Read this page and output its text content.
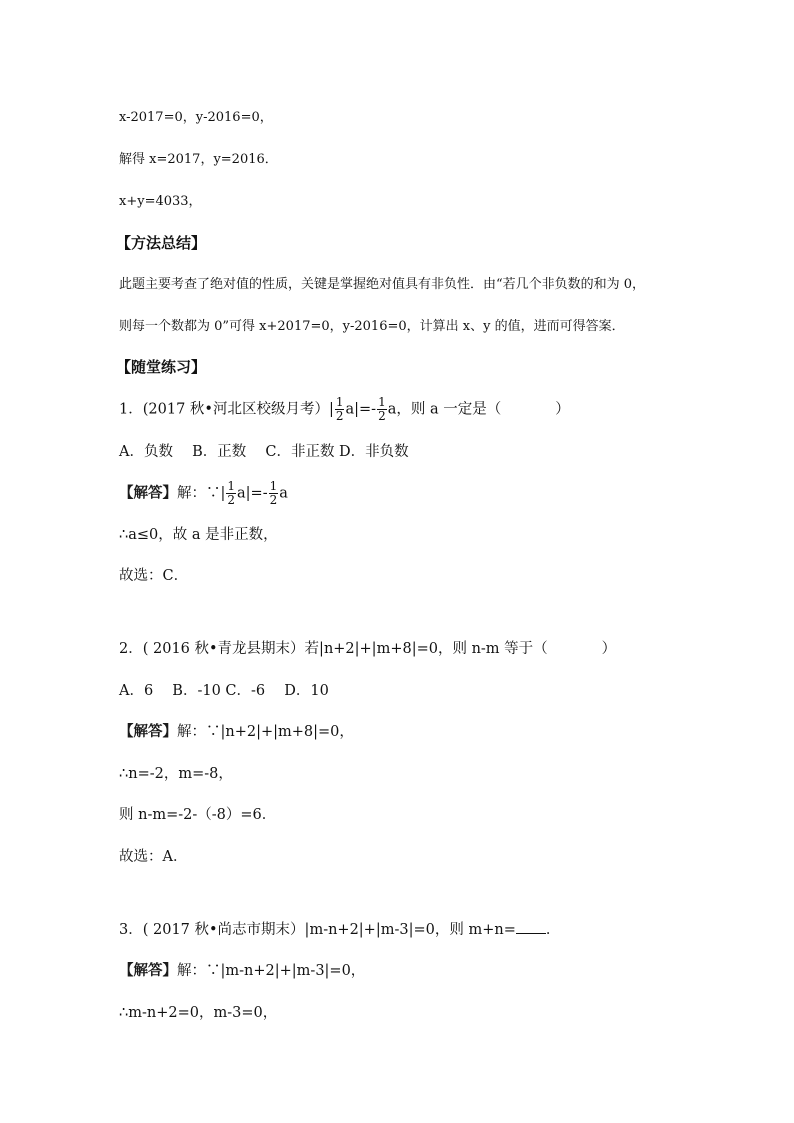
x-2017=0，y-2016=0，
解得 x=2017，y=2016．
x+y=4033，
【方法总结】
此题主要考查了绝对值的性质，关键是掌握绝对值具有非负性．由“若几个非负数的和为 0，
则每一个数都为 0”可得 x+2017=0，y-2016=0，计算出 x、y 的值，进而可得答案．
【随堂练习】
1．(2017 秋•河北区校级月考）| $\frac{1}{2} a|=- \frac{1}{2}$ a，则 a 一定是（	）
A．负数　 B．正数　 C．非正数 D．非负数
【解答】解：∵| $\frac{1}{2} a|=- \frac{1}{2}$ a
∴a≤0，故 a 是非正数，
故选：C．
2．( 2016 秋•青龙县期末）若|n+2|+|m+8|=0，则 n-m 等于（	）
A．6　 B．-10 C．-6　 D．10
【解答】解：∵|n+2|+|m+8|=0，
∴n=-2，m=-8，
则 n-m=-2-（-8）=6．
故选：A．
3．( 2017 秋•尚志市期末）|m-n+2|+|m-3|=0，则 m+n= ．
【解答】解：∵|m-n+2|+|m-3|=0，
∴m-n+2=0，m-3=0，
